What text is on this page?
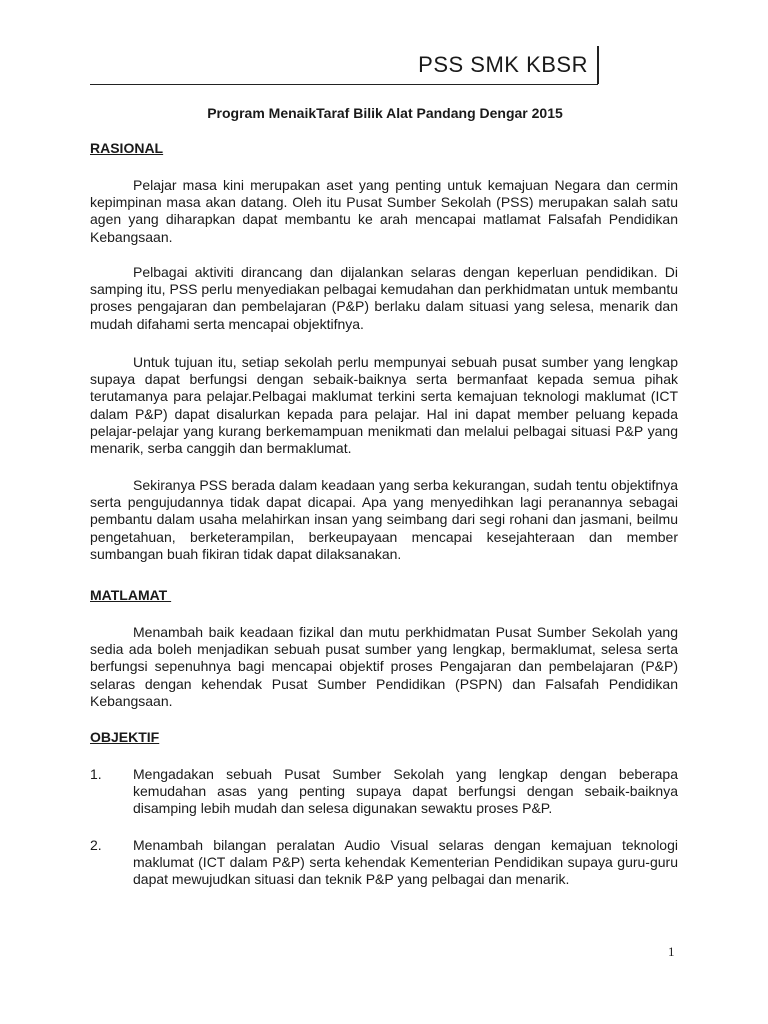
PSS SMK KBSR
Program MenaikTaraf Bilik Alat Pandang Dengar 2015
RASIONAL

Pelajar masa kini merupakan aset yang penting untuk kemajuan Negara dan cermin kepimpinan masa akan datang. Oleh itu Pusat Sumber Sekolah (PSS) merupakan salah satu agen yang diharapkan dapat membantu ke arah mencapai matlamat Falsafah Pendidikan Kebangsaan.

Pelbagai aktiviti dirancang dan dijalankan selaras dengan keperluan pendidikan. Di samping itu, PSS perlu menyediakan pelbagai kemudahan dan perkhidmatan untuk membantu proses pengajaran dan pembelajaran (P&P) berlaku dalam situasi yang selesa, menarik dan mudah difahami serta mencapai objektifnya.

Untuk tujuan itu, setiap sekolah perlu mempunyai sebuah pusat sumber yang lengkap supaya dapat berfungsi dengan sebaik-baiknya serta bermanfaat kepada semua pihak terutamanya para pelajar.Pelbagai maklumat terkini serta kemajuan teknologi maklumat (ICT dalam P&P) dapat disalurkan kepada para pelajar. Hal ini dapat member peluang kepada pelajar-pelajar yang kurang berkemampuan menikmati dan melalui pelbagai situasi P&P yang menarik, serba canggih dan bermaklumat.

Sekiranya PSS berada dalam keadaan yang serba kekurangan, sudah tentu objektifnya serta pengujudannya tidak dapat dicapai. Apa yang menyedihkan lagi peranannya sebagai pembantu dalam usaha melahirkan insan yang seimbang dari segi rohani dan jasmani, beilmu pengetahuan, berketerampilan, berkeupayaan mencapai kesejahteraan dan member sumbangan buah fikiran tidak dapat dilaksanakan.

MATLAMAT

Menambah baik keadaan fizikal dan mutu perkhidmatan Pusat Sumber Sekolah yang sedia ada boleh menjadikan sebuah pusat sumber yang lengkap, bermaklumat, selesa serta berfungsi sepenuhnya bagi mencapai objektif proses Pengajaran dan pembelajaran (P&P) selaras dengan kehendak Pusat Sumber Pendidikan (PSPN) dan Falsafah Pendidikan Kebangsaan.

OBJEKTIF
1.	Mengadakan sebuah Pusat Sumber Sekolah yang lengkap dengan beberapa kemudahan asas yang penting supaya dapat berfungsi dengan sebaik-baiknya disamping lebih mudah dan selesa digunakan sewaktu proses P&P.
2.	Menambah bilangan peralatan Audio Visual selaras dengan kemajuan teknologi maklumat (ICT dalam P&P) serta kehendak Kementerian Pendidikan supaya guru-guru dapat mewujudkan situasi dan teknik P&P yang pelbagai dan menarik.
1
